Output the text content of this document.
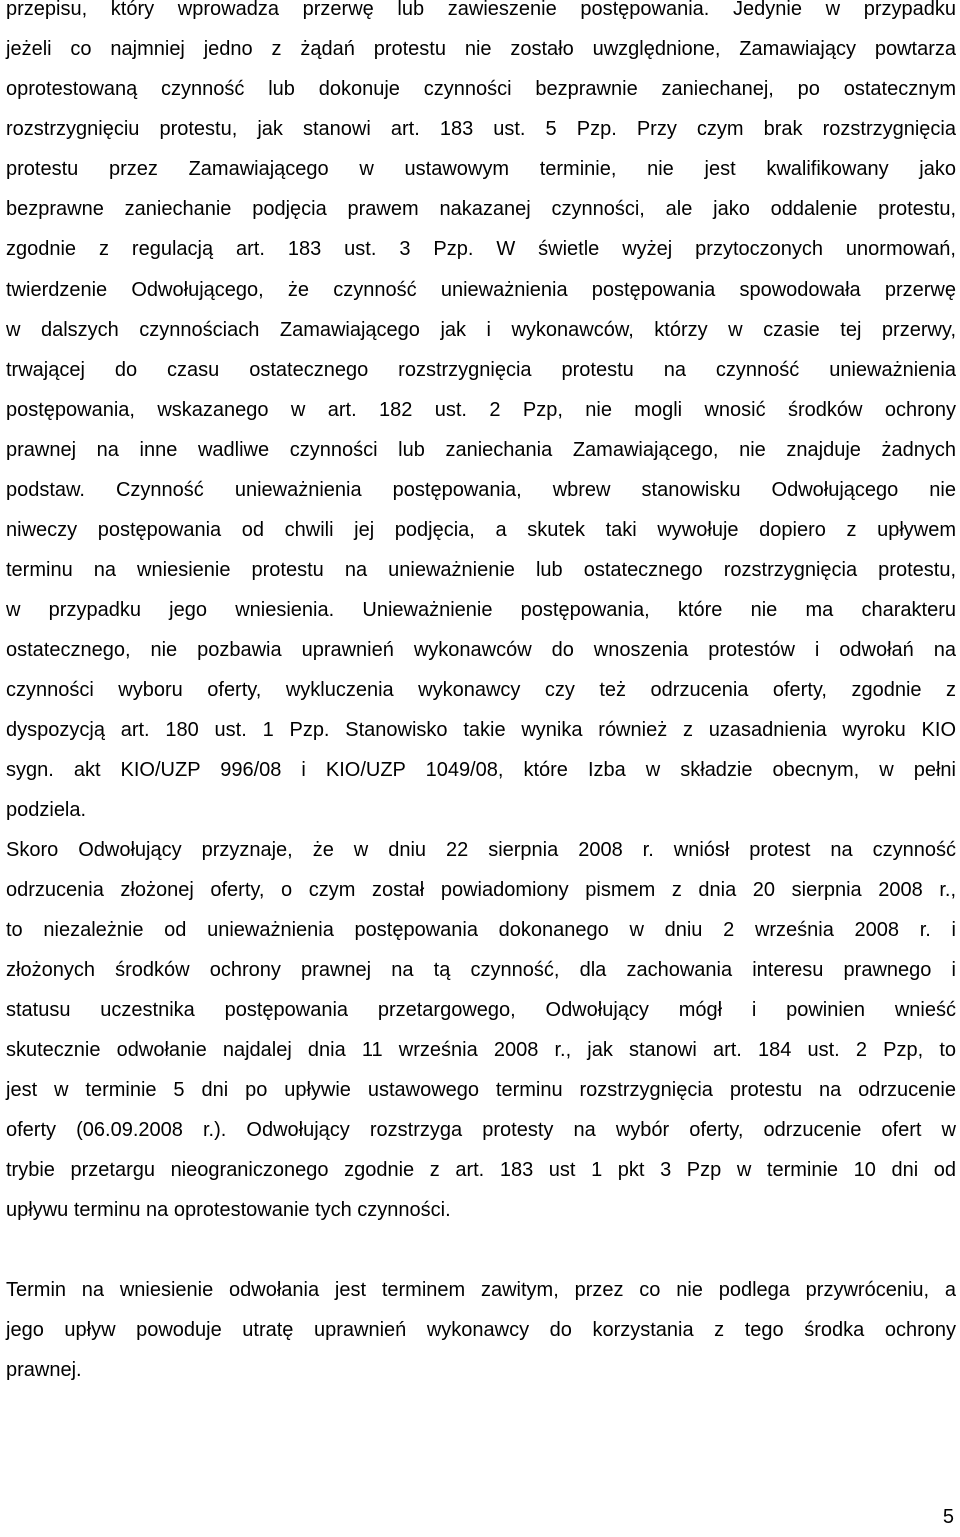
przepisu, który wprowadza przerwę lub zawieszenie postępowania. Jedynie w przypadku
jeżeli co najmniej jedno z żądań protestu nie zostało uwzględnione, Zamawiający powtarza
oprotestowaną czynność lub dokonuje czynności bezprawnie zaniechanej, po ostatecznym
rozstrzygnięciu protestu, jak stanowi art. 183 ust. 5 Pzp. Przy czym brak rozstrzygnięcia
protestu przez Zamawiającego w ustawowym terminie, nie jest kwalifikowany jako
bezprawne zaniechanie podjęcia prawem nakazanej czynności, ale jako oddalenie protestu,
zgodnie z regulacją art. 183 ust. 3 Pzp. W świetle wyżej przytoczonych unormowań,
twierdzenie Odwołującego, że czynność unieważnienia postępowania spowodowała przerwę
w dalszych czynnościach Zamawiającego jak i wykonawców, którzy w czasie tej przerwy,
trwającej do czasu ostatecznego rozstrzygnięcia protestu na czynność unieważnienia
postępowania, wskazanego w art. 182 ust. 2 Pzp, nie mogli wnosić środków ochrony
prawnej na inne wadliwe czynności lub zaniechania Zamawiającego, nie znajduje żadnych
podstaw. Czynność unieważnienia postępowania, wbrew stanowisku Odwołującego nie
niweczy postępowania od chwili jej podjęcia, a skutek taki wywołuje dopiero z upływem
terminu na wniesienie protestu na unieważnienie lub ostatecznego rozstrzygnięcia protestu,
w przypadku jego wniesienia. Unieważnienie postępowania, które nie ma charakteru
ostatecznego, nie pozbawia uprawnień wykonawców do wnoszenia protestów i odwołań na
czynności wyboru oferty, wykluczenia wykonawcy czy też odrzucenia oferty, zgodnie z
dyspozycją art. 180 ust. 1 Pzp. Stanowisko takie wynika również z uzasadnienia wyroku KIO
sygn. akt KIO/UZP 996/08 i KIO/UZP 1049/08, które Izba w składzie obecnym, w pełni
podziela.
Skoro Odwołujący przyznaje, że w dniu 22 sierpnia 2008 r. wniósł protest na czynność
odrzucenia złożonej oferty, o czym został powiadomiony pismem z dnia 20 sierpnia 2008 r.,
to niezależnie od unieważnienia postępowania dokonanego w dniu 2 września 2008 r. i
złożonych środków ochrony prawnej na tą czynność, dla zachowania interesu prawnego i
statusu uczestnika postępowania przetargowego, Odwołujący mógł i powinien wnieść
skutecznie odwołanie najdalej dnia 11 września 2008 r., jak stanowi art. 184 ust. 2 Pzp, to
jest w terminie 5 dni po upływie ustawowego terminu rozstrzygnięcia protestu na odrzucenie
oferty (06.09.2008 r.). Odwołujący rozstrzyga protesty na wybór oferty, odrzucenie ofert w
trybie przetargu nieograniczonego zgodnie z art. 183 ust 1 pkt 3 Pzp w terminie 10 dni od
upływu terminu na oprotestowanie tych czynności.
Termin na wniesienie odwołania jest terminem zawitym, przez co nie podlega przywróceniu, a
jego upływ powoduje utratę uprawnień wykonawcy do korzystania z tego środka ochrony
prawnej.
5
